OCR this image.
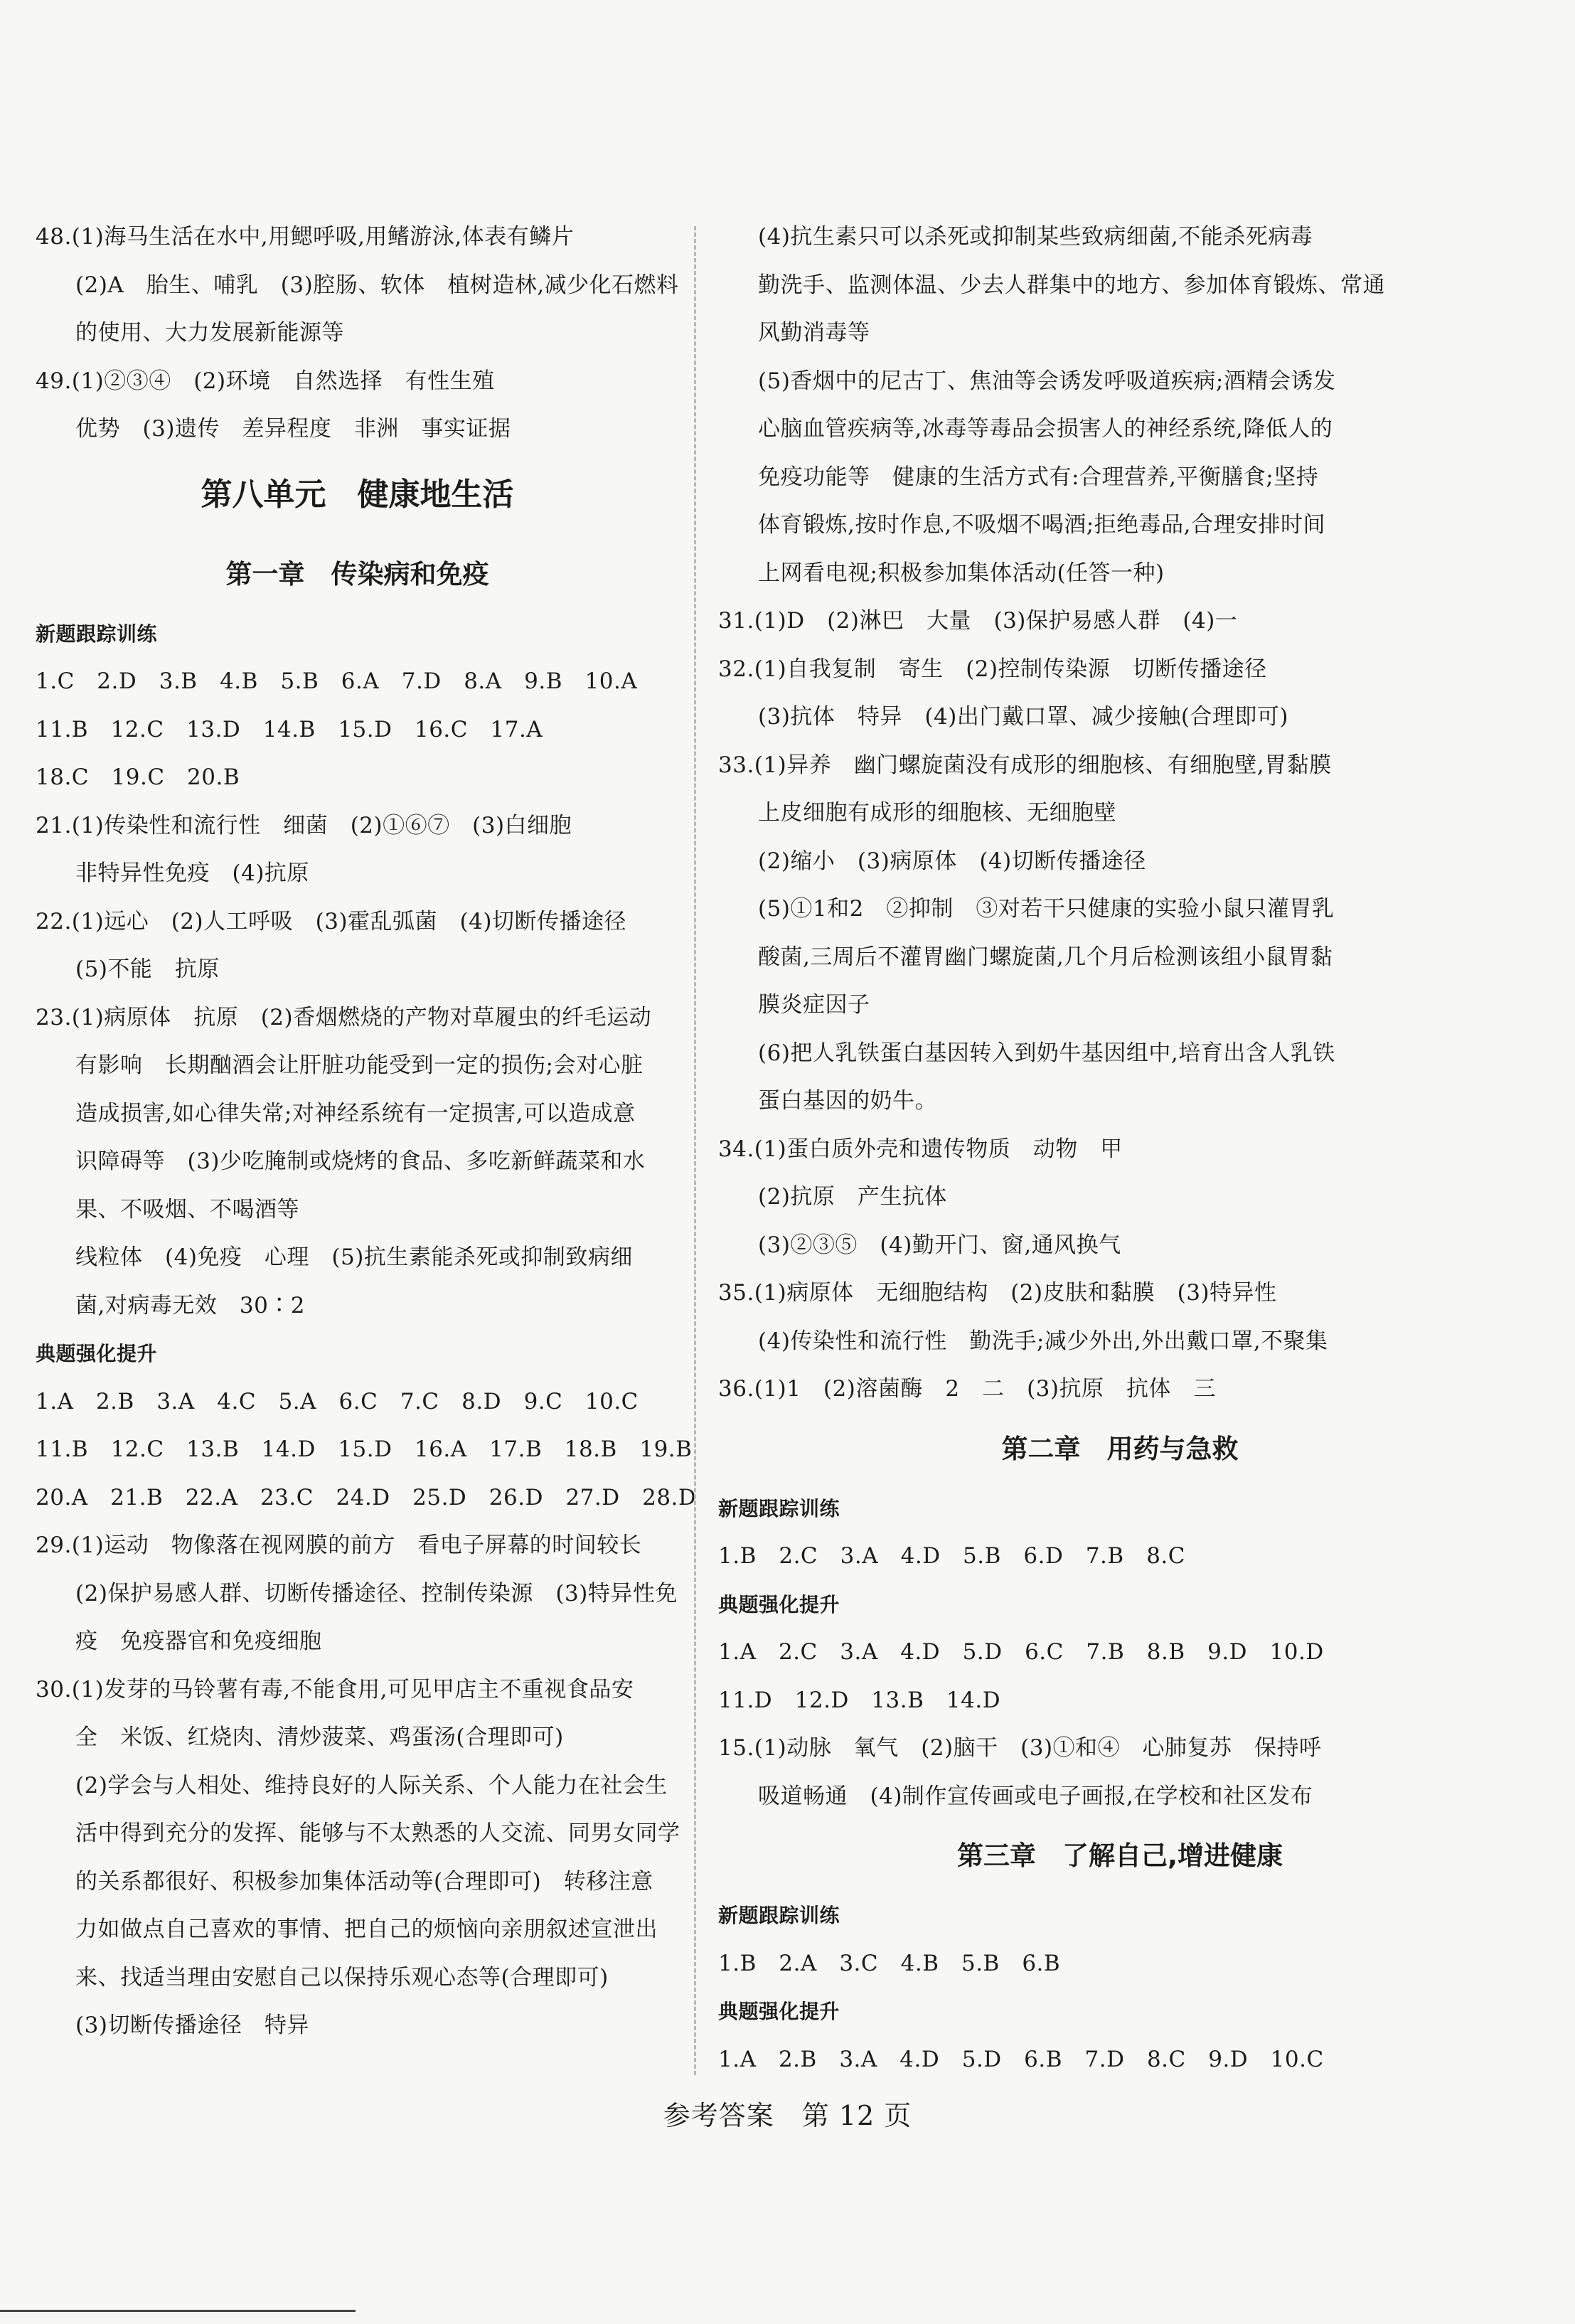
48.(1)海马生活在水中,用鳃呼吸,用鳍游泳,体表有鳞片
(2)A　胎生、哺乳　(3)腔肠、软体　植树造林,减少化石燃料
的使用、大力发展新能源等
49.(1)②③④　(2)环境　自然选择　有性生殖
优势　(3)遗传　差异程度　非洲　事实证据
第八单元　健康地生活
第一章　传染病和免疫
新题跟踪训练
1.C　2.D　3.B　4.B　5.B　6.A　7.D　8.A　9.B　10.A
11.B　12.C　13.D　14.B　15.D　16.C　17.A
18.C　19.C　20.B
21.(1)传染性和流行性　细菌　(2)①⑥⑦　(3)白细胞
非特异性免疫　(4)抗原
22.(1)远心　(2)人工呼吸　(3)霍乱弧菌　(4)切断传播途径
(5)不能　抗原
23.(1)病原体　抗原　(2)香烟燃烧的产物对草履虫的纤毛运动
有影响　长期酗酒会让肝脏功能受到一定的损伤;会对心脏
造成损害,如心律失常;对神经系统有一定损害,可以造成意
识障碍等　(3)少吃腌制或烧烤的食品、多吃新鲜蔬菜和水
果、不吸烟、不喝酒等
线粒体　(4)免疫　心理　(5)抗生素能杀死或抑制致病细
菌,对病毒无效　30∶2
典题强化提升
1.A　2.B　3.A　4.C　5.A　6.C　7.C　8.D　9.C　10.C
11.B　12.C　13.B　14.D　15.D　16.A　17.B　18.B　19.B
20.A　21.B　22.A　23.C　24.D　25.D　26.D　27.D　28.D
29.(1)运动　物像落在视网膜的前方　看电子屏幕的时间较长
(2)保护易感人群、切断传播途径、控制传染源　(3)特异性免
疫　免疫器官和免疫细胞
30.(1)发芽的马铃薯有毒,不能食用,可见甲店主不重视食品安
全　米饭、红烧肉、清炒菠菜、鸡蛋汤(合理即可)
(2)学会与人相处、维持良好的人际关系、个人能力在社会生
活中得到充分的发挥、能够与不太熟悉的人交流、同男女同学
的关系都很好、积极参加集体活动等(合理即可)　转移注意
力如做点自己喜欢的事情、把自己的烦恼向亲朋叙述宣泄出
来、找适当理由安慰自己以保持乐观心态等(合理即可)
(3)切断传播途径　特异
(4)抗生素只可以杀死或抑制某些致病细菌,不能杀死病毒
勤洗手、监测体温、少去人群集中的地方、参加体育锻炼、常通
风勤消毒等
(5)香烟中的尼古丁、焦油等会诱发呼吸道疾病;酒精会诱发
心脑血管疾病等,冰毒等毒品会损害人的神经系统,降低人的
免疫功能等　健康的生活方式有:合理营养,平衡膳食;坚持
体育锻炼,按时作息,不吸烟不喝酒;拒绝毒品,合理安排时间
上网看电视;积极参加集体活动(任答一种)
31.(1)D　(2)淋巴　大量　(3)保护易感人群　(4)一
32.(1)自我复制　寄生　(2)控制传染源　切断传播途径
(3)抗体　特异　(4)出门戴口罩、减少接触(合理即可)
33.(1)异养　幽门螺旋菌没有成形的细胞核、有细胞壁,胃黏膜
上皮细胞有成形的细胞核、无细胞壁
(2)缩小　(3)病原体　(4)切断传播途径
(5)①1和2　②抑制　③对若干只健康的实验小鼠只灌胃乳
酸菌,三周后不灌胃幽门螺旋菌,几个月后检测该组小鼠胃黏
膜炎症因子
(6)把人乳铁蛋白基因转入到奶牛基因组中,培育出含人乳铁
蛋白基因的奶牛。
34.(1)蛋白质外壳和遗传物质　动物　甲
(2)抗原　产生抗体
(3)②③⑤　(4)勤开门、窗,通风换气
35.(1)病原体　无细胞结构　(2)皮肤和黏膜　(3)特异性
(4)传染性和流行性　勤洗手;减少外出,外出戴口罩,不聚集
36.(1)1　(2)溶菌酶　2　二　(3)抗原　抗体　三
第二章　用药与急救
新题跟踪训练
1.B　2.C　3.A　4.D　5.B　6.D　7.B　8.C
典题强化提升
1.A　2.C　3.A　4.D　5.D　6.C　7.B　8.B　9.D　10.D
11.D　12.D　13.B　14.D
15.(1)动脉　氧气　(2)脑干　(3)①和④　心肺复苏　保持呼
吸道畅通　(4)制作宣传画或电子画报,在学校和社区发布
第三章　了解自己,增进健康
新题跟踪训练
1.B　2.A　3.C　4.B　5.B　6.B
典题强化提升
1.A　2.B　3.A　4.D　5.D　6.B　7.D　8.C　9.D　10.C
参考答案　第 12 页
